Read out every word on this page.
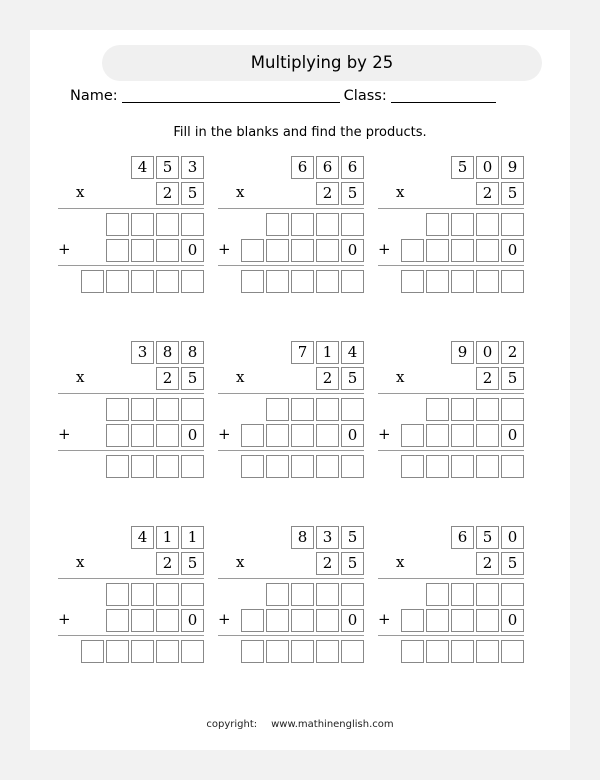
Multiplying by 25
Name:	Class:
Fill in the blanks and find the products.
4	5	3
x	2	5
+	0
6	6	6
x	2	5
+	0
5	0	9
x	2	5
+	0
3	8	8
x	2	5
+	0
7	1	4
x	2	5
+	0
9	0	2
x	2	5
+	0
4	1	1
x	2	5
+	0
8	3	5
x	2	5
+	0
6	5	0
x	2	5
+	0
copyright: www.mathinenglish.com
